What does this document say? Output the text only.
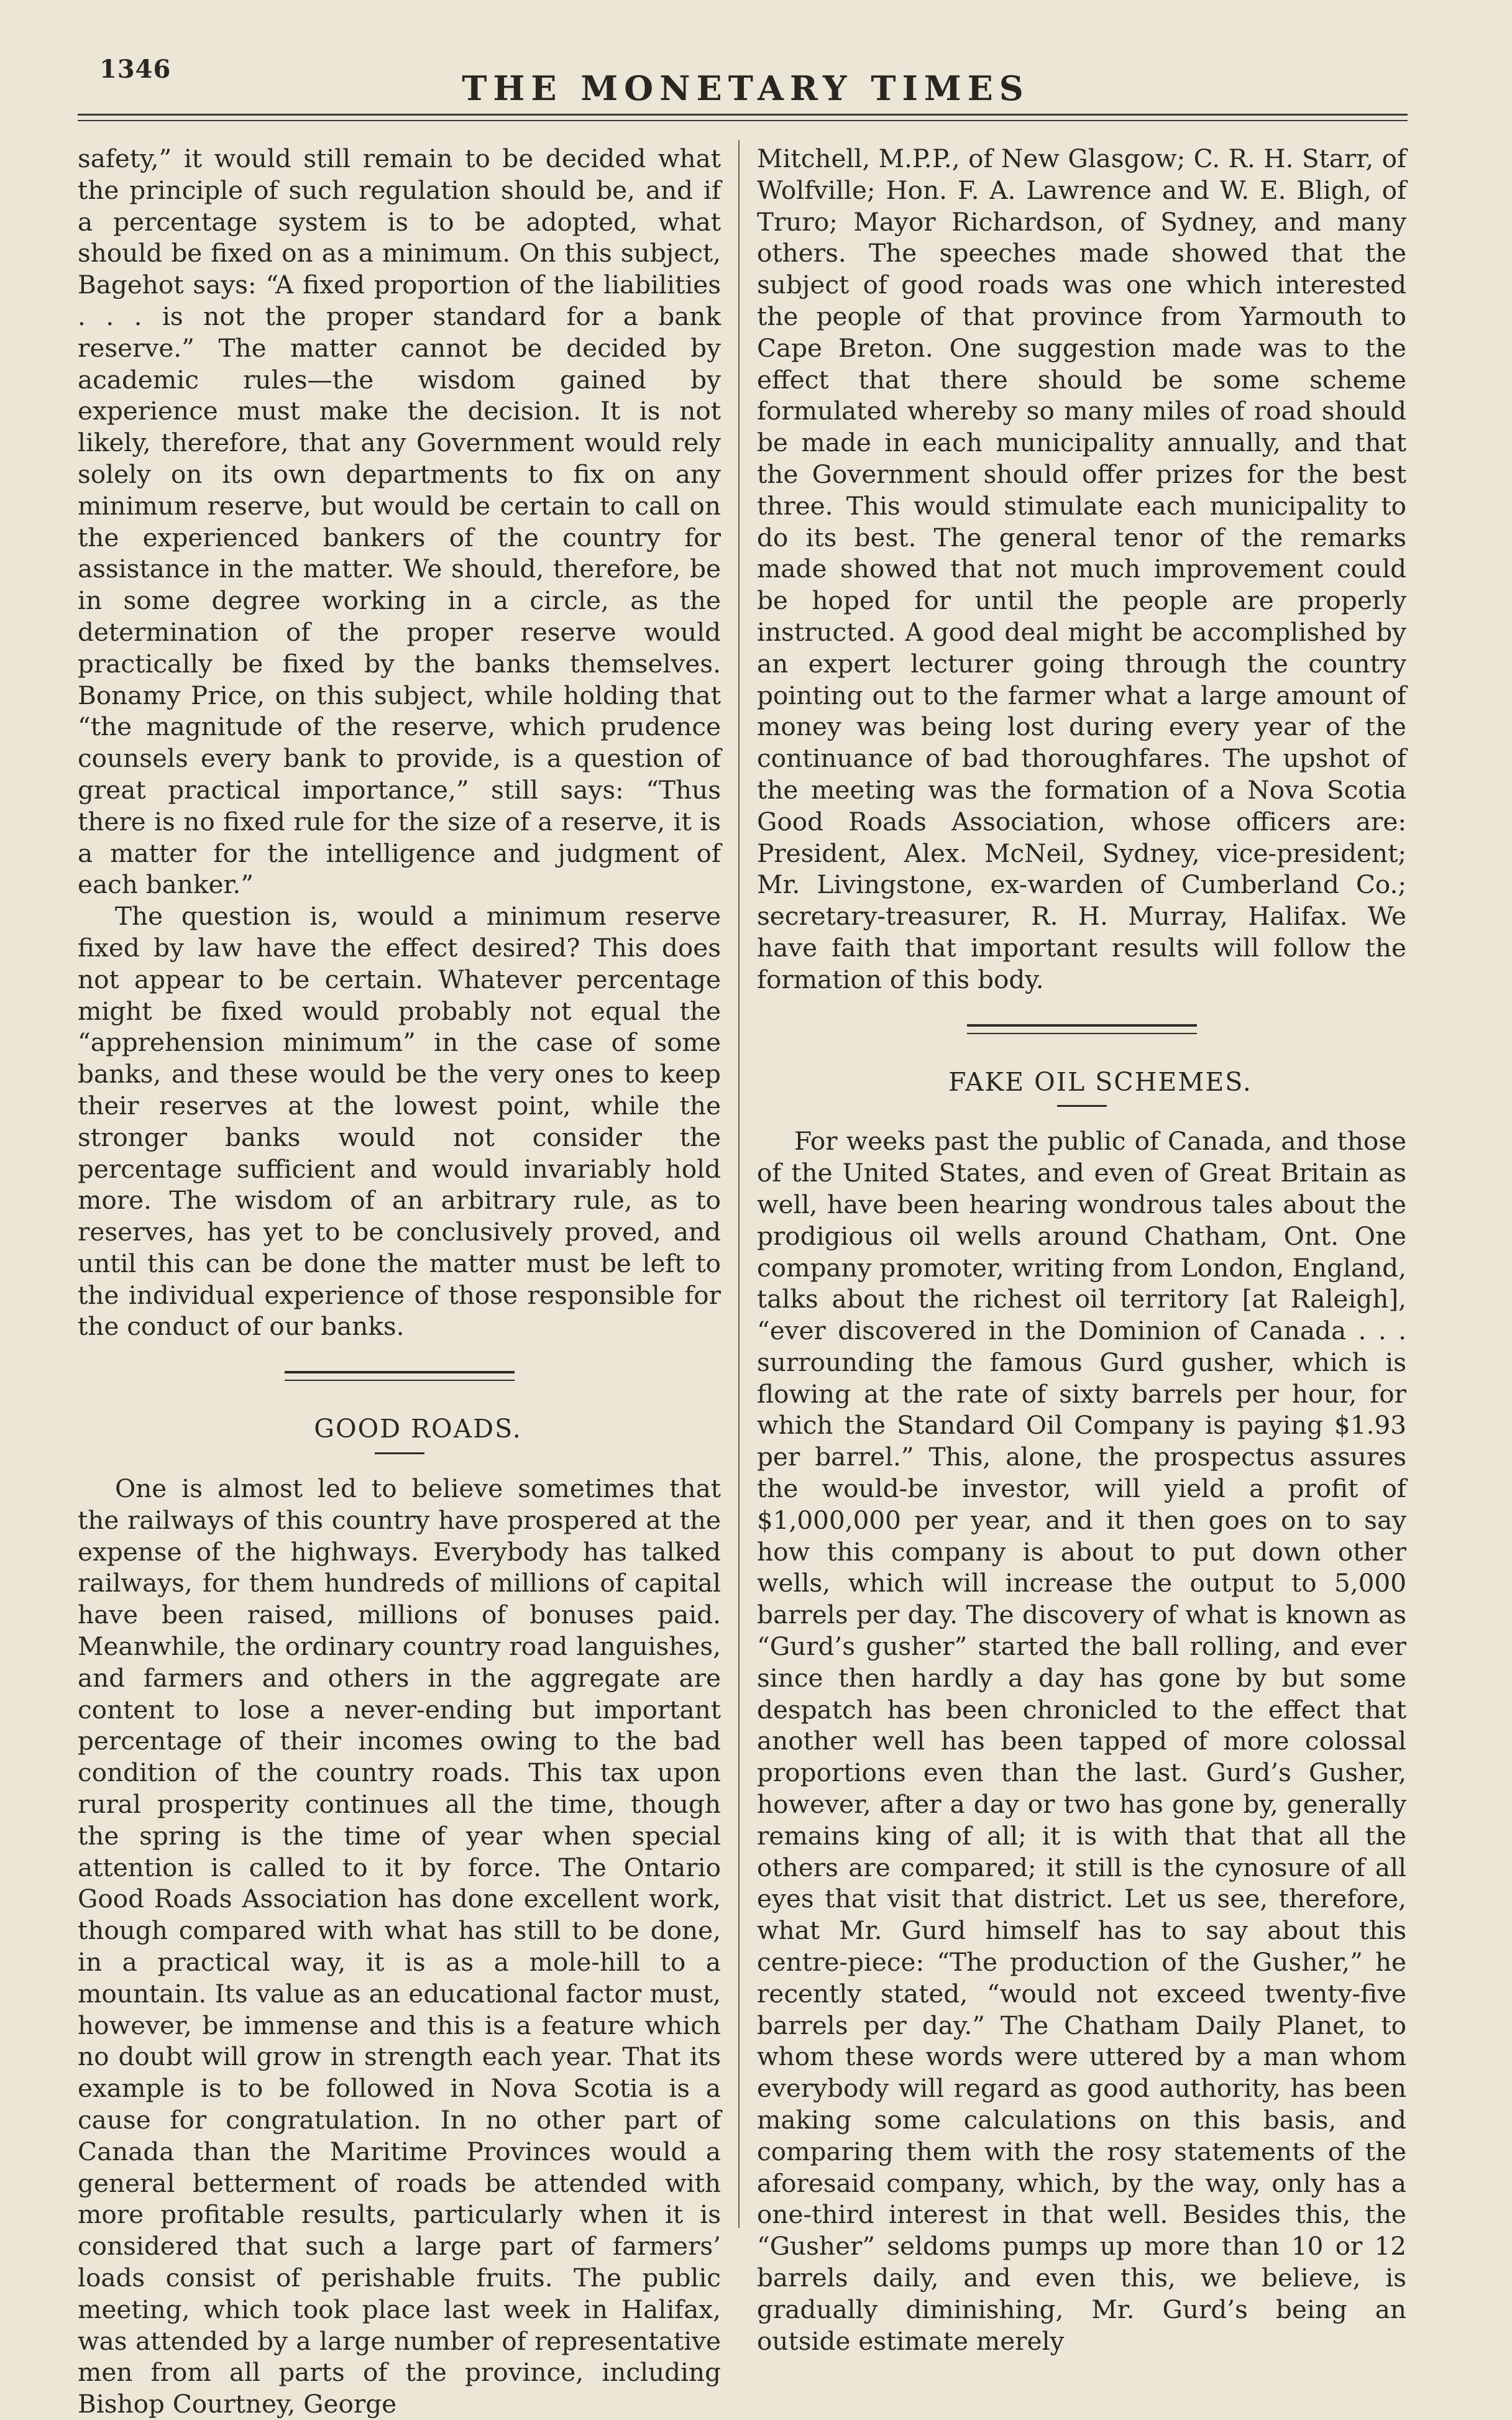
1346	THE MONETARY TIMES

safety,” it would still remain to be decided what the principle of such regulation should be, and if a percentage system is to be adopted, what should be fixed on as a minimum. On this subject, Bagehot says: “A fixed proportion of the liabilities . . . is not the proper standard for a bank reserve.” The matter cannot be decided by academic rules—the wisdom gained by experience must make the decision. It is not likely, therefore, that any Government would rely solely on its own departments to fix on any minimum reserve, but would be certain to call on the experienced bankers of the country for assistance in the matter. We should, therefore, be in some degree working in a circle, as the determination of the proper reserve would practically be fixed by the banks themselves. Bonamy Price, on this subject, while holding that “the magnitude of the reserve, which prudence counsels every bank to provide, is a question of great practical importance,” still says: “Thus there is no fixed rule for the size of a reserve, it is a matter for the intelligence and judgment of each banker.”

The question is, would a minimum reserve fixed by law have the effect desired? This does not appear to be certain. Whatever percentage might be fixed would probably not equal the “apprehension minimum” in the case of some banks, and these would be the very ones to keep their reserves at the lowest point, while the stronger banks would not consider the percentage sufficient and would invariably hold more. The wisdom of an arbitrary rule, as to reserves, has yet to be conclusively proved, and until this can be done the matter must be left to the individual experience of those responsible for the conduct of our banks.

GOOD ROADS.

One is almost led to believe sometimes that the railways of this country have prospered at the expense of the highways. Everybody has talked railways, for them hundreds of millions of capital have been raised, millions of bonuses paid. Meanwhile, the ordinary country road languishes, and farmers and others in the aggregate are content to lose a never-ending but important percentage of their incomes owing to the bad condition of the country roads. This tax upon rural prosperity continues all the time, though the spring is the time of year when special attention is called to it by force. The Ontario Good Roads Association has done excellent work, though compared with what has still to be done, in a practical way, it is as a mole-hill to a mountain. Its value as an educational factor must, however, be immense and this is a feature which no doubt will grow in strength each year. That its example is to be followed in Nova Scotia is a cause for congratulation. In no other part of Canada than the Maritime Provinces would a general betterment of roads be attended with more profitable results, particularly when it is considered that such a large part of farmers’ loads consist of perishable fruits. The public meeting, which took place last week in Halifax, was attended by a large number of representative men from all parts of the province, including Bishop Courtney, George

Mitchell, M.P.P., of New Glasgow; C. R. H. Starr, of Wolfville; Hon. F. A. Lawrence and W. E. Bligh, of Truro; Mayor Richardson, of Sydney, and many others. The speeches made showed that the subject of good roads was one which interested the people of that province from Yarmouth to Cape Breton. One suggestion made was to the effect that there should be some scheme formulated whereby so many miles of road should be made in each municipality annually, and that the Government should offer prizes for the best three. This would stimulate each municipality to do its best. The general tenor of the remarks made showed that not much improvement could be hoped for until the people are properly instructed. A good deal might be accomplished by an expert lecturer going through the country pointing out to the farmer what a large amount of money was being lost during every year of the continuance of bad thoroughfares. The upshot of the meeting was the formation of a Nova Scotia Good Roads Association, whose officers are: President, Alex. McNeil, Sydney, vice-president; Mr. Livingstone, ex-warden of Cumberland Co.; secretary-treasurer, R. H. Murray, Halifax. We have faith that important results will follow the formation of this body.

FAKE OIL SCHEMES.

For weeks past the public of Canada, and those of the United States, and even of Great Britain as well, have been hearing wondrous tales about the prodigious oil wells around Chatham, Ont. One company promoter, writing from London, England, talks about the richest oil territory [at Raleigh], “ever discovered in the Dominion of Canada . . . surrounding the famous Gurd gusher, which is flowing at the rate of sixty barrels per hour, for which the Standard Oil Company is paying $1.93 per barrel.” This, alone, the prospectus assures the would-be investor, will yield a profit of $1,000,000 per year, and it then goes on to say how this company is about to put down other wells, which will increase the output to 5,000 barrels per day. The discovery of what is known as “Gurd’s gusher” started the ball rolling, and ever since then hardly a day has gone by but some despatch has been chronicled to the effect that another well has been tapped of more colossal proportions even than the last. Gurd’s Gusher, however, after a day or two has gone by, generally remains king of all; it is with that that all the others are compared; it still is the cynosure of all eyes that visit that district. Let us see, therefore, what Mr. Gurd himself has to say about this centre-piece: “The production of the Gusher,” he recently stated, “would not exceed twenty-five barrels per day.” The Chatham Daily Planet, to whom these words were uttered by a man whom everybody will regard as good authority, has been making some calculations on this basis, and comparing them with the rosy statements of the aforesaid company, which, by the way, only has a one-third interest in that well. Besides this, the “Gusher” seldoms pumps up more than 10 or 12 barrels daily, and even this, we believe, is gradually diminishing, Mr. Gurd’s being an outside estimate merely
